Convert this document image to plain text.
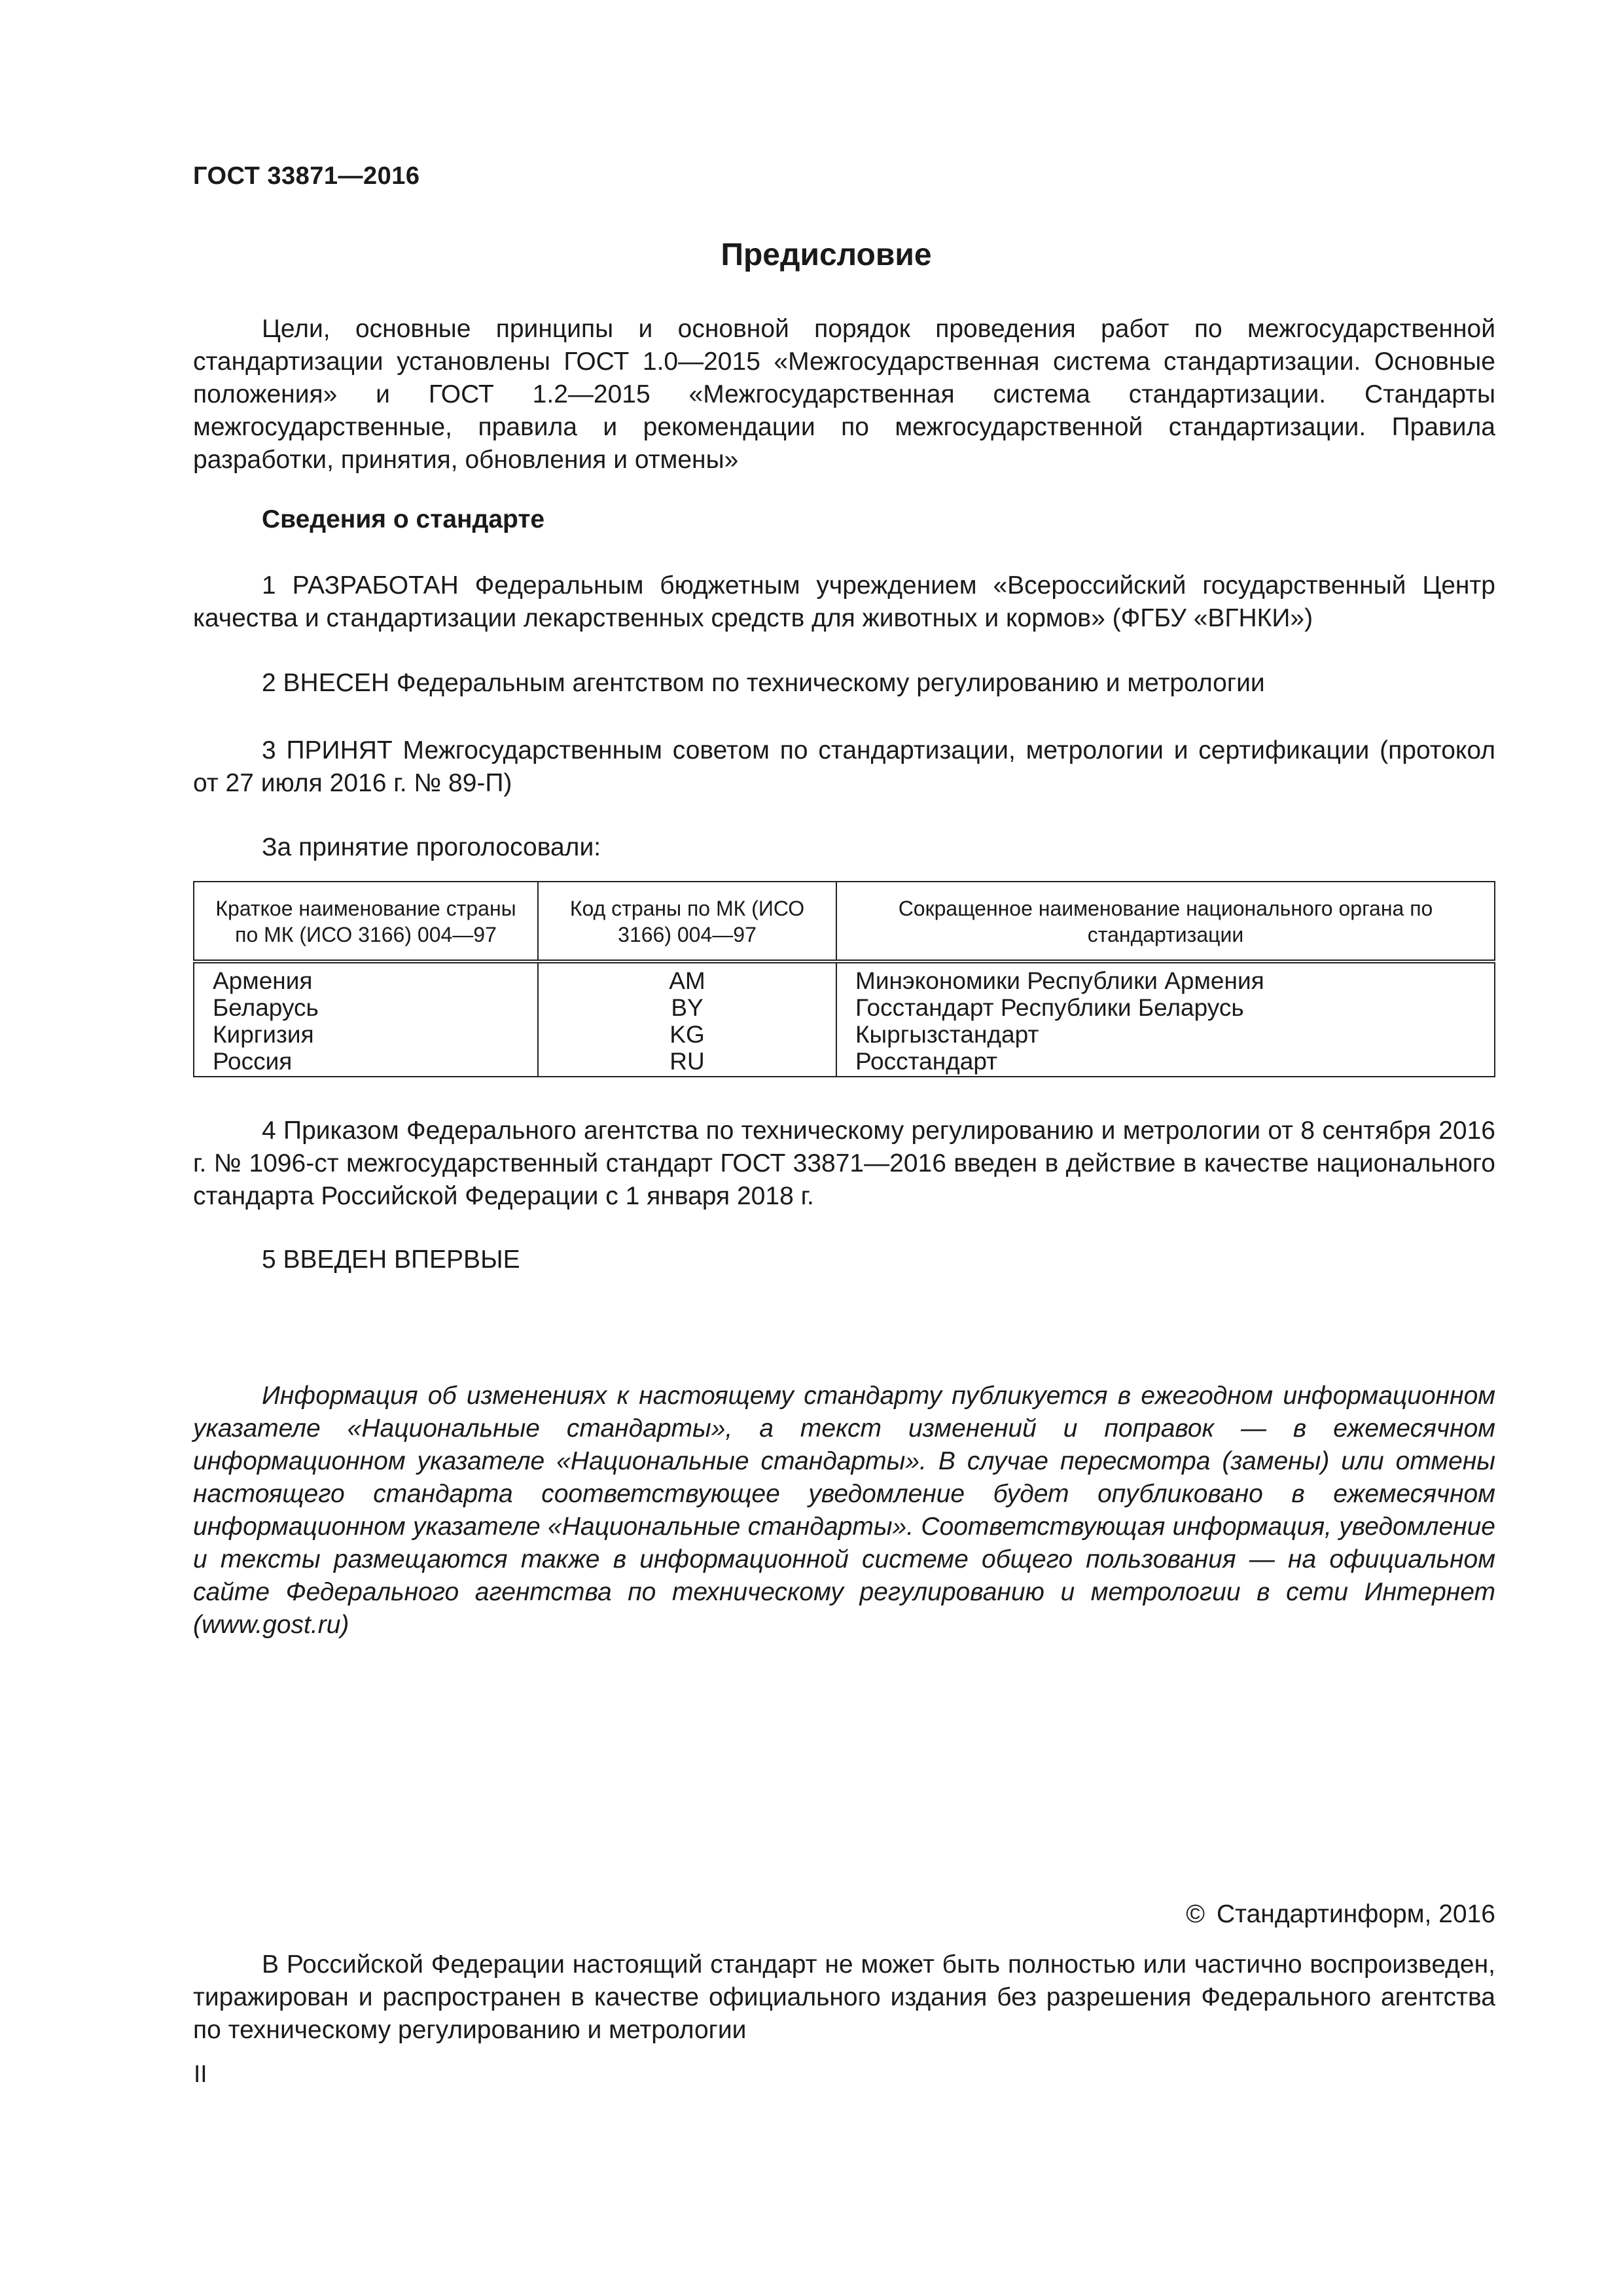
ГОСТ 33871—2016
Предисловие

Цели, основные принципы и основной порядок проведения работ по межгосударственной стандартизации установлены ГОСТ 1.0—2015 «Межгосударственная система стандартизации. Основные положения» и ГОСТ 1.2—2015 «Межгосударственная система стандартизации. Стандарты межгосударственные, правила и рекомендации по межгосударственной стандартизации. Правила разработки, принятия, обновления и отмены»

Сведения о стандарте

1 РАЗРАБОТАН Федеральным бюджетным учреждением «Всероссийский государственный Центр качества и стандартизации лекарственных средств для животных и кормов» (ФГБУ «ВГНКИ»)

2 ВНЕСЕН Федеральным агентством по техническому регулированию и метрологии

3 ПРИНЯТ Межгосударственным советом по стандартизации, метрологии и сертификации (протокол от 27 июля 2016 г. № 89-П)

За принятие проголосовали:
Краткое наименование страны по МК (ИСО 3166) 004—97	Код страны по МК (ИСО 3166) 004—97	Сокращенное наименование национального органа по стандартизации
Армения	AM	Минэкономики Республики Армения
Беларусь	BY	Госстандарт Республики Беларусь
Киргизия	KG	Кыргызстандарт
Россия	RU	Росстандарт

4 Приказом Федерального агентства по техническому регулированию и метрологии от 8 сентября 2016 г. № 1096-ст межгосударственный стандарт ГОСТ 33871—2016 введен в действие в качестве национального стандарта Российской Федерации с 1 января 2018 г.

5 ВВЕДЕН ВПЕРВЫЕ

Информация об изменениях к настоящему стандарту публикуется в ежегодном информационном указателе «Национальные стандарты», а текст изменений и поправок — в ежемесячном информационном указателе «Национальные стандарты». В случае пересмотра (замены) или отмены настоящего стандарта соответствующее уведомление будет опубликовано в ежемесячном информационном указателе «Национальные стандарты». Соответствующая информация, уведомление и тексты размещаются также в информационной системе общего пользования — на официальном сайте Федерального агентства по техническому регулированию и метрологии в сети Интернет (www.gost.ru)

© Стандартинформ, 2016

В Российской Федерации настоящий стандарт не может быть полностью или частично воспроизведен, тиражирован и распространен в качестве официального издания без разрешения Федерального агентства по техническому регулированию и метрологии

II
